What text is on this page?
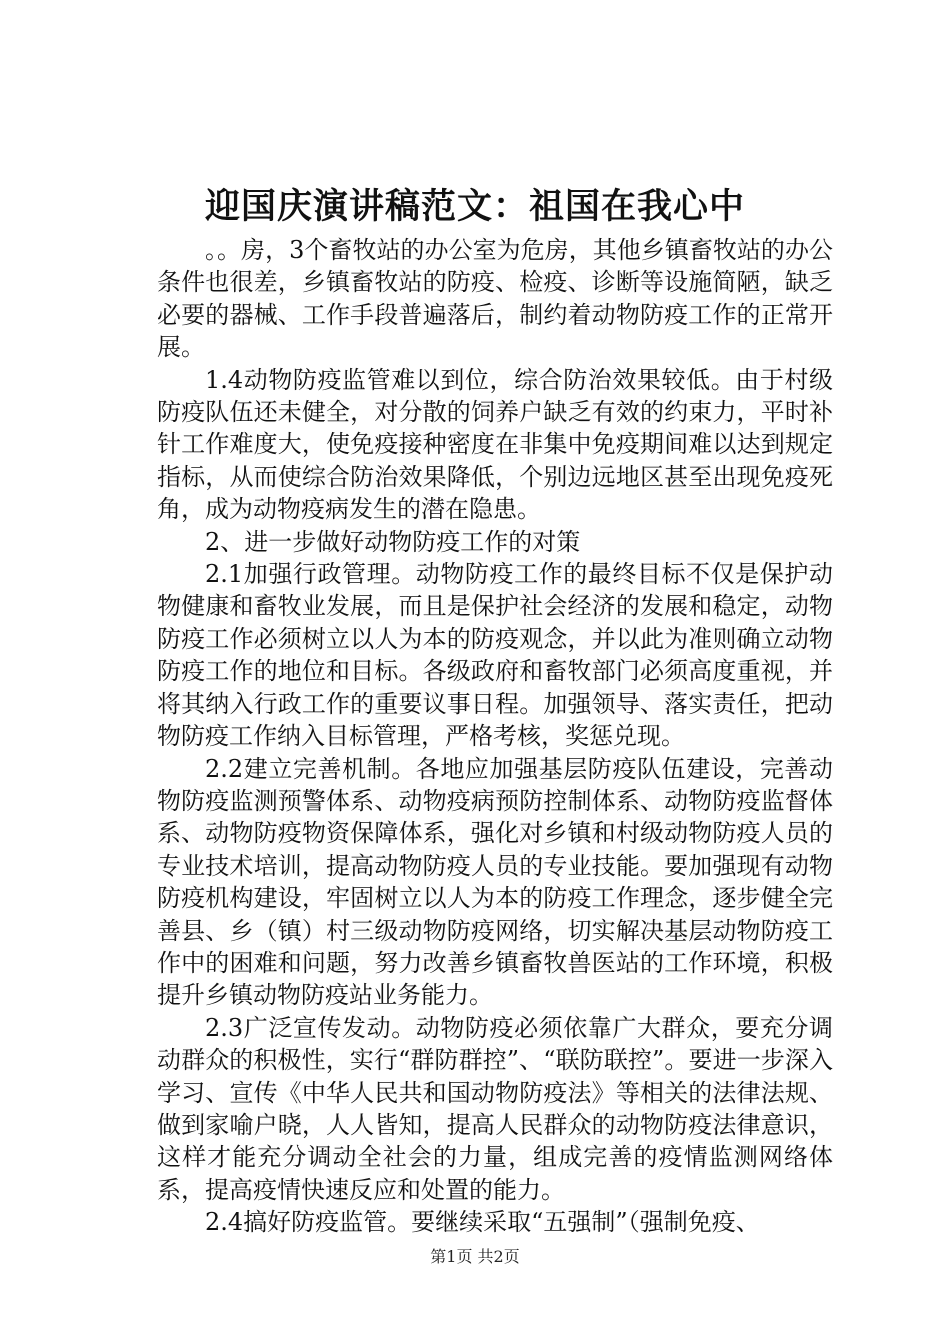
迎国庆演讲稿范文：祖国在我心中

。。房，3个畜牧站的办公室为危房，其他乡镇畜牧站的办公条件也很差，乡镇畜牧站的防疫、检疫、诊断等设施简陋，缺乏必要的器械、工作手段普遍落后，制约着动物防疫工作的正常开展。

1.4动物防疫监管难以到位，综合防治效果较低。由于村级防疫队伍还未健全，对分散的饲养户缺乏有效的约束力，平时补针工作难度大，使免疫接种密度在非集中免疫期间难以达到规定指标，从而使综合防治效果降低，个别边远地区甚至出现免疫死角，成为动物疫病发生的潜在隐患。

2、进一步做好动物防疫工作的对策

2.1加强行政管理。动物防疫工作的最终目标不仅是保护动物健康和畜牧业发展，而且是保护社会经济的发展和稳定，动物防疫工作必须树立以人为本的防疫观念，并以此为准则确立动物防疫工作的地位和目标。各级政府和畜牧部门必须高度重视，并将其纳入行政工作的重要议事日程。加强领导、落实责任，把动物防疫工作纳入目标管理，严格考核，奖惩兑现。

2.2建立完善机制。各地应加强基层防疫队伍建设，完善动物防疫监测预警体系、动物疫病预防控制体系、动物防疫监督体系、动物防疫物资保障体系，强化对乡镇和村级动物防疫人员的专业技术培训，提高动物防疫人员的专业技能。要加强现有动物防疫机构建设，牢固树立以人为本的防疫工作理念，逐步健全完善县、乡（镇）村三级动物防疫网络，切实解决基层动物防疫工作中的困难和问题，努力改善乡镇畜牧兽医站的工作环境，积极提升乡镇动物防疫站业务能力。

2.3广泛宣传发动。动物防疫必须依靠广大群众，要充分调动群众的积极性，实行“群防群控”、“联防联控”。要进一步深入学习、宣传《中华人民共和国动物防疫法》等相关的法律法规、做到家喻户晓，人人皆知，提高人民群众的动物防疫法律意识，这样才能充分调动全社会的力量，组成完善的疫情监测网络体系，提高疫情快速反应和处置的能力。

2.4搞好防疫监管。要继续采取“五强制”（强制免疫、

第1页 共2页
